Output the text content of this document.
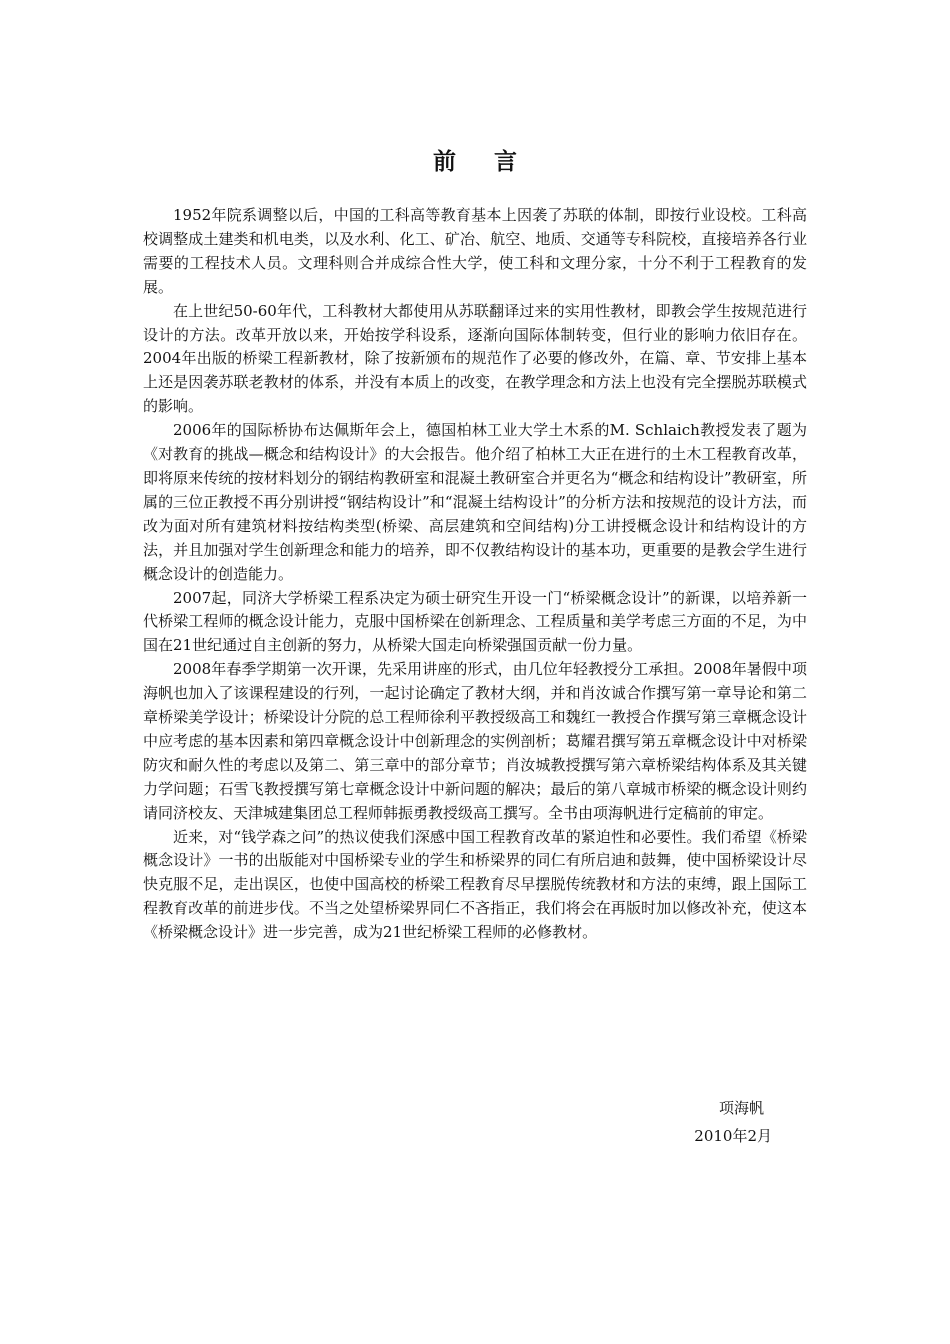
前 言

1952年院系调整以后，中国的工科高等教育基本上因袭了苏联的体制，即按行业设校。工科高校调整成土建类和机电类，以及水利、化工、矿冶、航空、地质、交通等专科院校，直接培养各行业需要的工程技术人员。文理科则合并成综合性大学，使工科和文理分家，十分不利于工程教育的发展。

在上世纪50-60年代，工科教材大都使用从苏联翻译过来的实用性教材，即教会学生按规范进行设计的方法。改革开放以来，开始按学科设系，逐渐向国际体制转变，但行业的影响力依旧存在。2004年出版的桥梁工程新教材，除了按新颁布的规范作了必要的修改外，在篇、章、节安排上基本上还是因袭苏联老教材的体系，并没有本质上的改变，在教学理念和方法上也没有完全摆脱苏联模式的影响。

2006年的国际桥协布达佩斯年会上，德国柏林工业大学土木系的M. Schlaich教授发表了题为《对教育的挑战—概念和结构设计》的大会报告。他介绍了柏林工大正在进行的土木工程教育改革，即将原来传统的按材料划分的钢结构教研室和混凝土教研室合并更名为“概念和结构设计”教研室，所属的三位正教授不再分别讲授“钢结构设计”和“混凝土结构设计”的分析方法和按规范的设计方法，而改为面对所有建筑材料按结构类型(桥梁、高层建筑和空间结构)分工讲授概念设计和结构设计的方法，并且加强对学生创新理念和能力的培养，即不仅教结构设计的基本功，更重要的是教会学生进行概念设计的创造能力。

2007起，同济大学桥梁工程系决定为硕士研究生开设一门“桥梁概念设计”的新课，以培养新一代桥梁工程师的概念设计能力，克服中国桥梁在创新理念、工程质量和美学考虑三方面的不足，为中国在21世纪通过自主创新的努力，从桥梁大国走向桥梁强国贡献一份力量。

2008年春季学期第一次开课，先采用讲座的形式，由几位年轻教授分工承担。2008年暑假中项海帆也加入了该课程建设的行列，一起讨论确定了教材大纲，并和肖汝诚合作撰写第一章导论和第二章桥梁美学设计；桥梁设计分院的总工程师徐利平教授级高工和魏红一教授合作撰写第三章概念设计中应考虑的基本因素和第四章概念设计中创新理念的实例剖析；葛耀君撰写第五章概念设计中对桥梁防灾和耐久性的考虑以及第二、第三章中的部分章节；肖汝城教授撰写第六章桥梁结构体系及其关键力学问题；石雪飞教授撰写第七章概念设计中新问题的解决；最后的第八章城市桥梁的概念设计则约请同济校友、天津城建集团总工程师韩振勇教授级高工撰写。全书由项海帆进行定稿前的审定。

近来，对“钱学森之问”的热议使我们深感中国工程教育改革的紧迫性和必要性。我们希望《桥梁概念设计》一书的出版能对中国桥梁专业的学生和桥梁界的同仁有所启迪和鼓舞，使中国桥梁设计尽快克服不足，走出误区，也使中国高校的桥梁工程教育尽早摆脱传统教材和方法的束缚，跟上国际工程教育改革的前进步伐。不当之处望桥梁界同仁不吝指正，我们将会在再版时加以修改补充，使这本《桥梁概念设计》进一步完善，成为21世纪桥梁工程师的必修教材。

项海帆
2010年2月
